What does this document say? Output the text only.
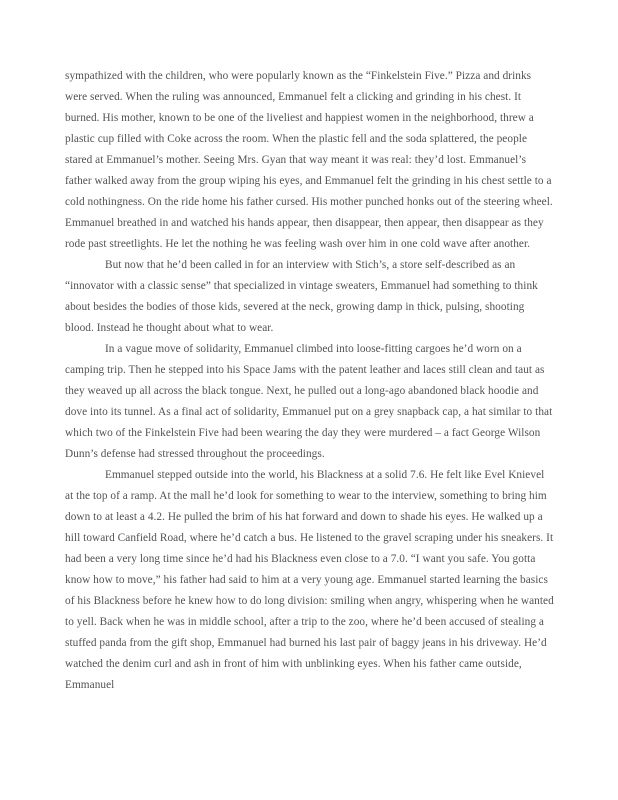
sympathized with the children, who were popularly known as the “Finkelstein Five.” Pizza and drinks were served. When the ruling was announced, Emmanuel felt a clicking and grinding in his chest. It burned. His mother, known to be one of the liveliest and happiest women in the neighborhood, threw a plastic cup filled with Coke across the room. When the plastic fell and the soda splattered, the people stared at Emmanuel’s mother. Seeing Mrs. Gyan that way meant it was real: they’d lost. Emmanuel’s father walked away from the group wiping his eyes, and Emmanuel felt the grinding in his chest settle to a cold nothingness. On the ride home his father cursed. His mother punched honks out of the steering wheel. Emmanuel breathed in and watched his hands appear, then disappear, then appear, then disappear as they rode past streetlights. He let the nothing he was feeling wash over him in one cold wave after another.

But now that he’d been called in for an interview with Stich’s, a store self-described as an “innovator with a classic sense” that specialized in vintage sweaters, Emmanuel had something to think about besides the bodies of those kids, severed at the neck, growing damp in thick, pulsing, shooting blood. Instead he thought about what to wear.

In a vague move of solidarity, Emmanuel climbed into loose-fitting cargoes he’d worn on a camping trip. Then he stepped into his Space Jams with the patent leather and laces still clean and taut as they weaved up all across the black tongue. Next, he pulled out a long-ago abandoned black hoodie and dove into its tunnel. As a final act of solidarity, Emmanuel put on a grey snapback cap, a hat similar to that which two of the Finkelstein Five had been wearing the day they were murdered – a fact George Wilson Dunn’s defense had stressed throughout the proceedings.

Emmanuel stepped outside into the world, his Blackness at a solid 7.6. He felt like Evel Knievel at the top of a ramp. At the mall he’d look for something to wear to the interview, something to bring him down to at least a 4.2. He pulled the brim of his hat forward and down to shade his eyes. He walked up a hill toward Canfield Road, where he’d catch a bus. He listened to the gravel scraping under his sneakers. It had been a very long time since he’d had his Blackness even close to a 7.0. “I want you safe. You gotta know how to move,” his father had said to him at a very young age. Emmanuel started learning the basics of his Blackness before he knew how to do long division: smiling when angry, whispering when he wanted to yell. Back when he was in middle school, after a trip to the zoo, where he’d been accused of stealing a stuffed panda from the gift shop, Emmanuel had burned his last pair of baggy jeans in his driveway. He’d watched the denim curl and ash in front of him with unblinking eyes. When his father came outside, Emmanuel
